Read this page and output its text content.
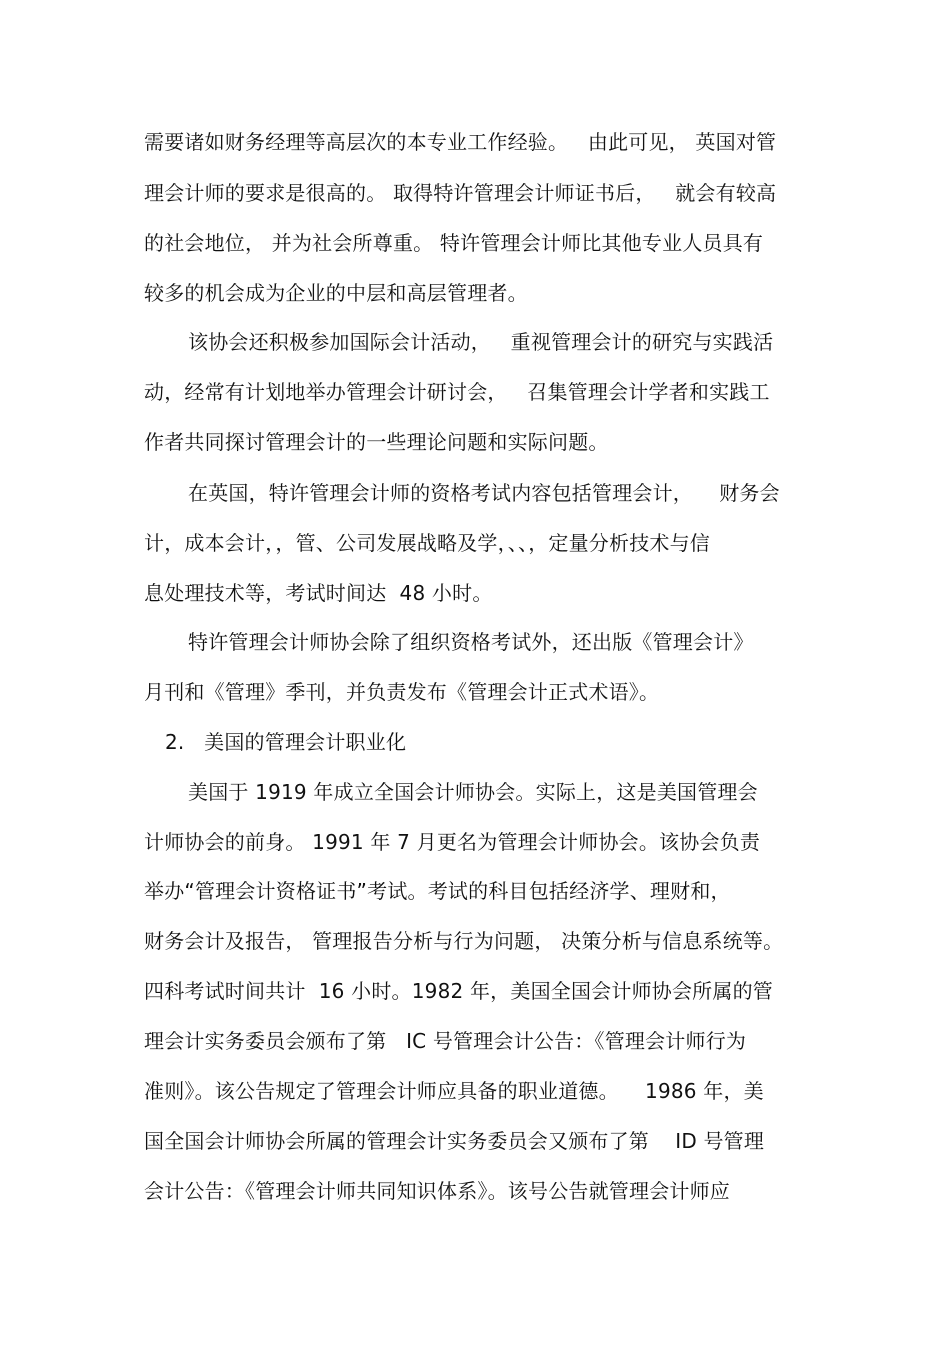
需要诸如财务经理等高层次的本专业工作经验。   由此可见， 英国对管
理会计师的要求是很高的。 取得特许管理会计师证书后，   就会有较高
的社会地位， 并为社会所尊重。 特许管理会计师比其他专业人员具有
较多的机会成为企业的中层和高层管理者。
该协会还积极参加国际会计活动，   重视管理会计的研究与实践活
动，经常有计划地举办管理会计研讨会，   召集管理会计学者和实践工
作者共同探讨管理会计的一些理论问题和实际问题。
在英国，特许管理会计师的资格考试内容包括管理会计，    财务会
计，成本会计，，管、公司发展战略及学，、、，定量分析技术与信
息处理技术等，考试时间达  48 小时。
特许管理会计师协会除了组织资格考试外，还出版《管理会计》
月刊和《管理》季刊，并负责发布《管理会计正式术语》。
2.   美国的管理会计职业化
美国于 1919 年成立全国会计师协会。实际上，这是美国管理会
计师协会的前身。 1991 年 7 月更名为管理会计师协会。该协会负责
举办“管理会计资格证书”考试。考试的科目包括经济学、理财和，
财务会计及报告， 管理报告分析与行为问题， 决策分析与信息系统等。
四科考试时间共计  16 小时。1982 年，美国全国会计师协会所属的管
理会计实务委员会颁布了第   IC 号管理会计公告：《管理会计师行为
准则》。该公告规定了管理会计师应具备的职业道德。    1986 年，美
国全国会计师协会所属的管理会计实务委员会又颁布了第    ID 号管理
会计公告：《管理会计师共同知识体系》。该号公告就管理会计师应
